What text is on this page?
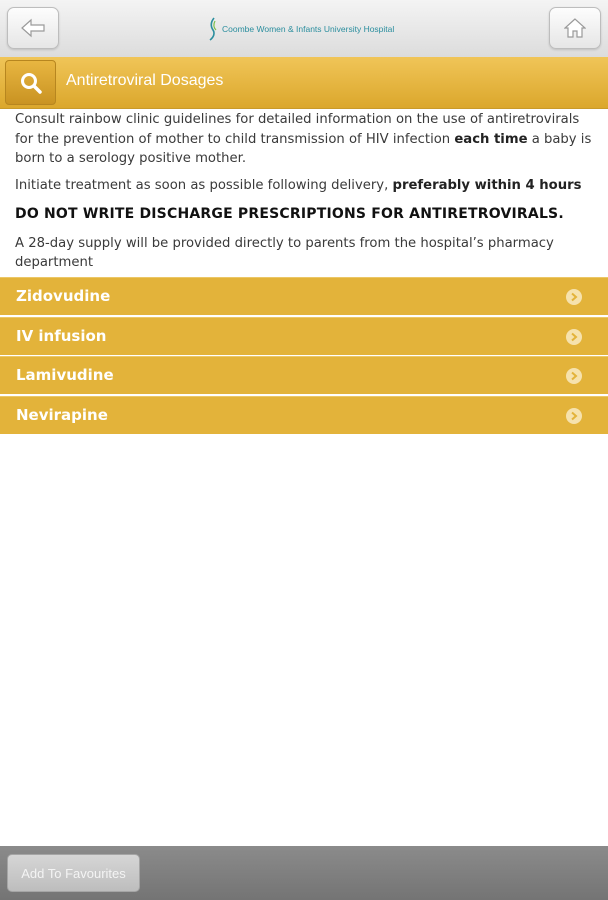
Coombe Women & Infants University Hospital
Antiretroviral Dosages

Consult rainbow clinic guidelines for detailed information on the use of antiretrovirals for the prevention of mother to child transmission of HIV infection each time a baby is born to a serology positive mother.

Initiate treatment as soon as possible following delivery, preferably within 4 hours

DO NOT WRITE DISCHARGE PRESCRIPTIONS FOR ANTIRETROVIRALS.

A 28-day supply will be provided directly to parents from the hospital’s pharmacy department

Zidovudine
IV infusion
Lamivudine
Nevirapine
Add To Favourites
